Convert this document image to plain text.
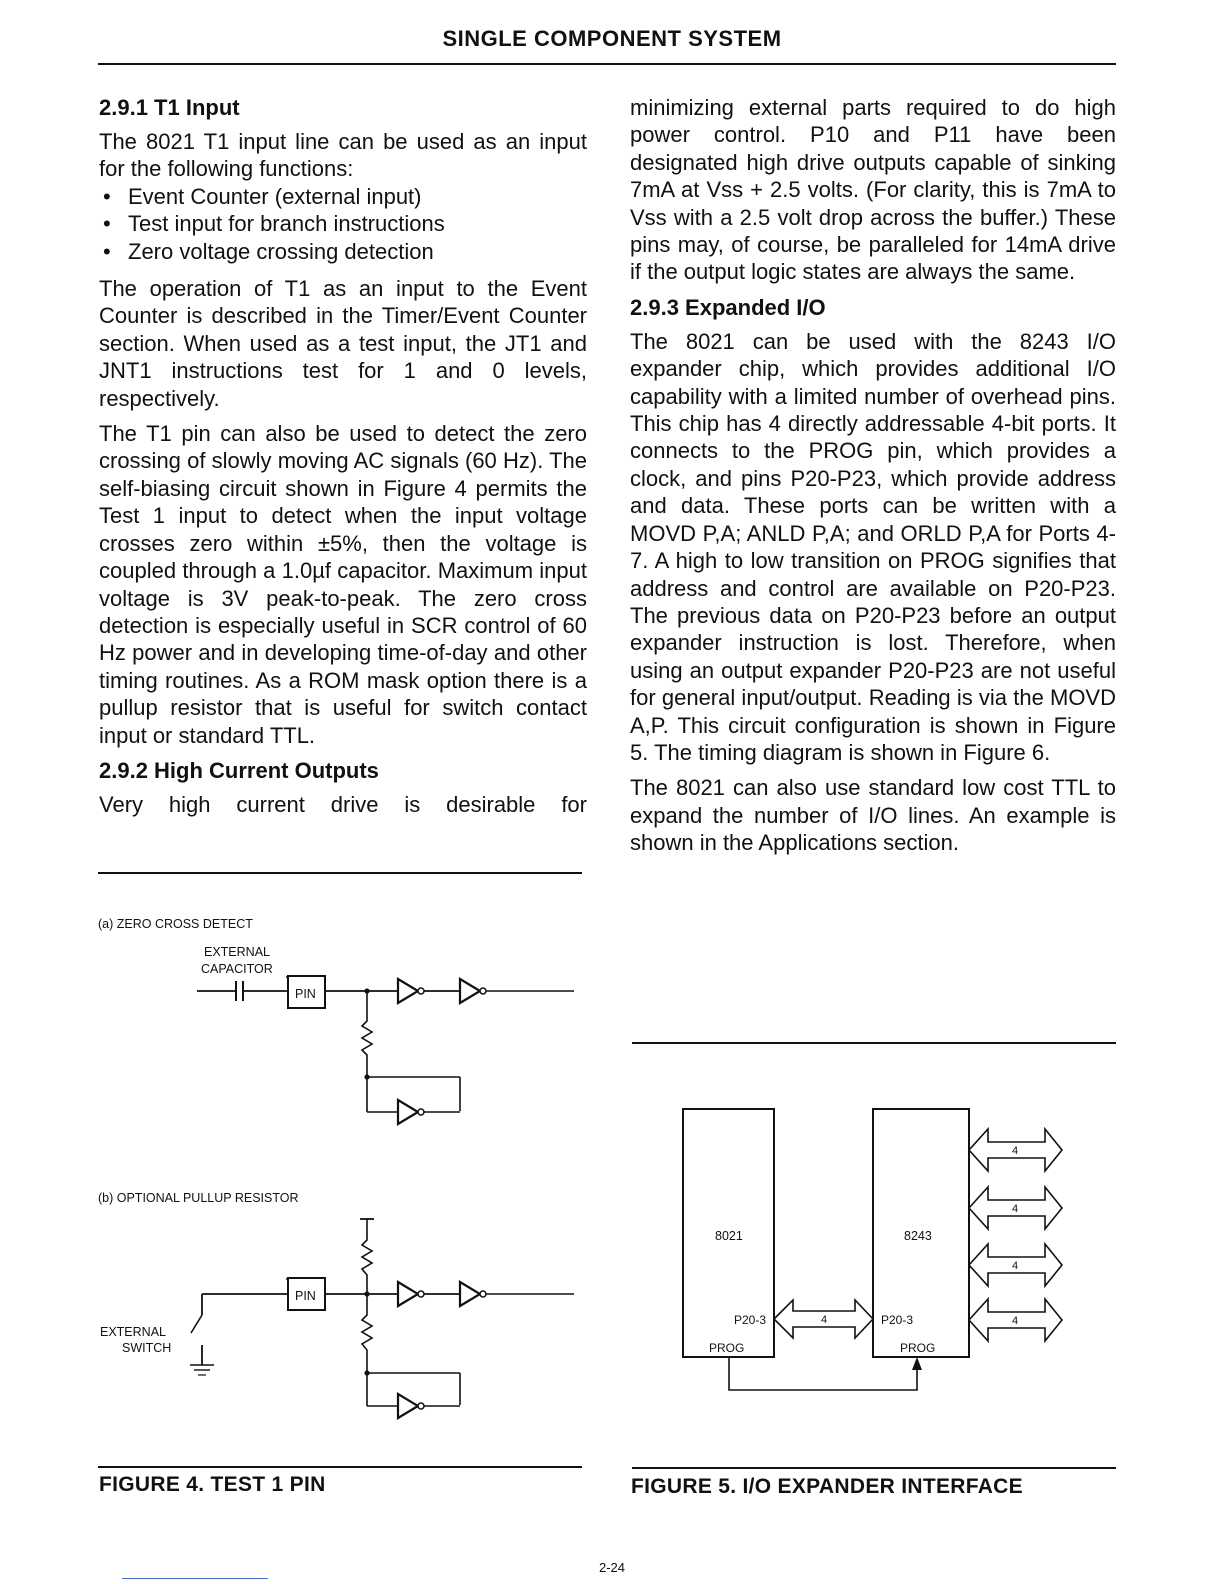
SINGLE COMPONENT SYSTEM
2.9.1 T1 Input

The 8021 T1 input line can be used as an input for the following functions:

• Event Counter (external input)
• Test input for branch instructions
• Zero voltage crossing detection

The operation of T1 as an input to the Event Counter is described in the Timer/Event Counter section. When used as a test input, the JT1 and JNT1 instructions test for 1 and 0 levels, respectively.

The T1 pin can also be used to detect the zero crossing of slowly moving AC signals (60 Hz). The self-biasing circuit shown in Figure 4 permits the Test 1 input to detect when the input voltage crosses zero within ±5%, then the voltage is coupled through a 1.0µf capacitor. Maximum input voltage is 3V peak-to-peak. The zero cross detection is especially useful in SCR control of 60 Hz power and in developing time-of-day and other timing routines. As a ROM mask option there is a pullup resistor that is useful for switch contact input or standard TTL.

2.9.2 High Current Outputs

Very high current drive is desirable for

minimizing external parts required to do high power control. P10 and P11 have been designated high drive outputs capable of sinking 7mA at Vss + 2.5 volts. (For clarity, this is 7mA to Vss with a 2.5 volt drop across the buffer.) These pins may, of course, be paralleled for 14mA drive if the output logic states are always the same.

2.9.3 Expanded I/O

The 8021 can be used with the 8243 I/O expander chip, which provides additional I/O capability with a limited number of overhead pins. This chip has 4 directly addressable 4-bit ports. It connects to the PROG pin, which provides a clock, and pins P20-P23, which provide address and data. These ports can be written with a MOVD P,A; ANLD P,A; and ORLD P,A for Ports 4-7. A high to low transition on PROG signifies that address and control are available on P20-P23. The previous data on P20-P23 before an output expander instruction is lost. Therefore, when using an output expander P20-P23 are not useful for general input/output. Reading is via the MOVD A,P. This circuit configuration is shown in Figure 5. The timing diagram is shown in Figure 6.

The 8021 can also use standard low cost TTL to expand the number of I/O lines. An example is shown in the Applications section.

(a) ZERO CROSS DETECT
EXTERNAL
CAPACITOR
PIN
(b) OPTIONAL PULLUP RESISTOR
EXTERNAL
SWITCH
PIN
8021	8243
P20-3
PROG
P20-3
PROG
4
4
4
4
4
FIGURE 4. TEST 1 PIN	FIGURE 5. I/O EXPANDER INTERFACE
2-24
